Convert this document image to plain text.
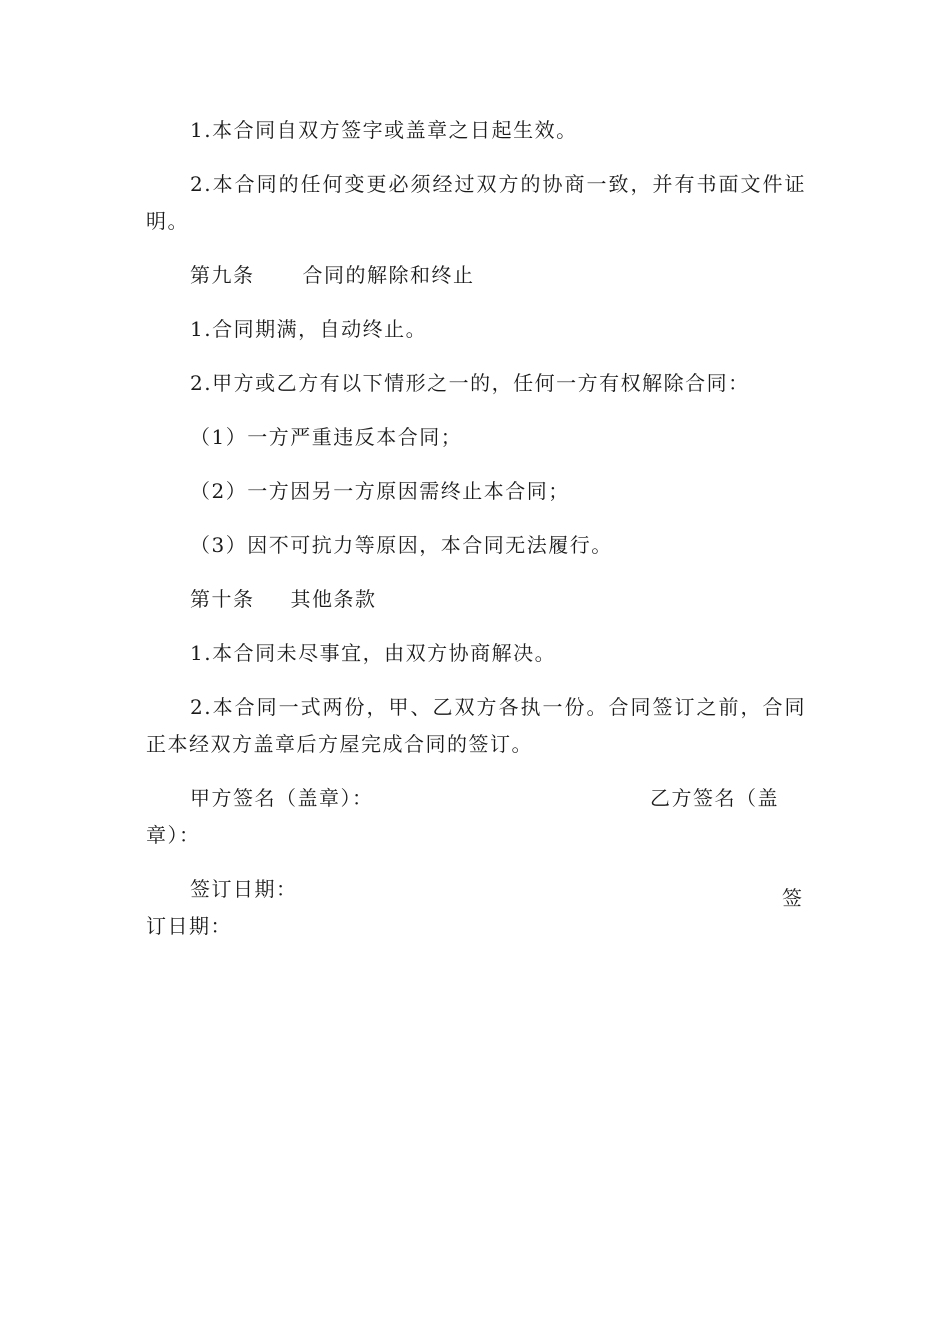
1.本合同自双方签字或盖章之日起生效。

2.本合同的任何变更必须经过双方的协商一致，并有书面文件证明。

第九条 合同的解除和终止

1.合同期满，自动终止。

2.甲方或乙方有以下情形之一的，任何一方有权解除合同：

（1）一方严重违反本合同；

（2）一方因另一方原因需终止本合同；

（3）因不可抗力等原因，本合同无法履行。

第十条 其他条款

1.本合同未尽事宜，由双方协商解决。

2.本合同一式两份，甲、乙双方各执一份。合同签订之前，合同正本经双方盖章后方屋完成合同的签订。

甲方签名（盖章）：	乙方签名（盖
章）：
签订日期：	签
订日期：
